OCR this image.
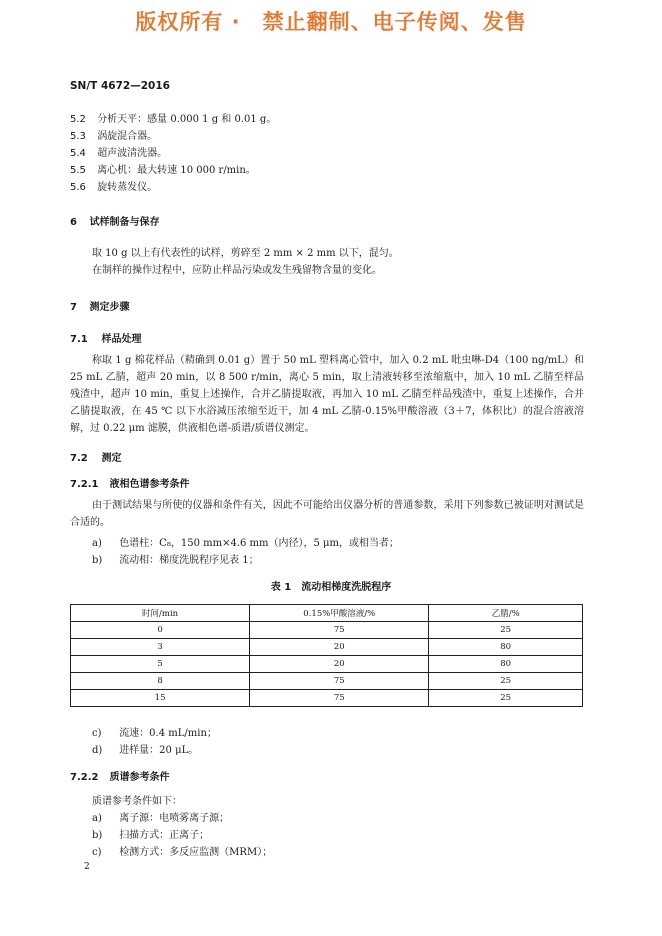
版权所有 ·　禁止翻制、电子传阅、发售
SN/T 4672—2016
5.2 分析天平：感量 0.000 1 g 和 0.01 g。
5.3 涡旋混合器。
5.4 超声波清洗器。
5.5 离心机：最大转速 10 000 r/min。
5.6 旋转蒸发仪。
6 试样制备与保存
取 10 g 以上有代表性的试样，剪碎至 2 mm × 2 mm 以下，混匀。
在制样的操作过程中，应防止样品污染或发生残留物含量的变化。
7 测定步骤
7.1 样品处理
称取 1 g 棉花样品（精确到 0.01 g）置于 50 mL 塑料离心管中，加入 0.2 mL 吡虫啉-D4（100 ng/mL）和 25 mL 乙腈，超声 20 min，以 8 500 r/min，离心 5 min，取上清液转移至浓缩瓶中，加入 10 mL 乙腈至样品残渣中，超声 10 min，重复上述操作，合并乙腈提取液，再加入 10 mL 乙腈至样品残渣中，重复上述操作，合并乙腈提取液，在 45 ℃ 以下水浴减压浓缩至近干，加 4 mL 乙腈-0.15%甲酸溶液（3＋7，体积比）的混合溶液溶解，过 0.22 μm 滤膜，供液相色谱-质谱/质谱仪测定。
7.2 测定
7.2.1 液相色谱参考条件
由于测试结果与所使的仪器和条件有关，因此不可能给出仪器分析的普通参数，采用下列参数已被证明对测试是合适的。
a) 色谱柱：C₈，150 mm×4.6 mm（内径），5 μm，或相当者；
b) 流动相：梯度洗脱程序见表 1；
表 1　流动相梯度洗脱程序
时间/min	0.15%甲酸溶液/%	乙腈/%
0	75	25
3	20	80
5	20	80
8	75	25
15	75	25
c) 流速：0.4 mL/min；
d) 进样量：20 μL。
7.2.2 质谱参考条件
质谱参考条件如下：
a) 离子源：电喷雾离子源；
b) 扫描方式：正离子；
c) 检测方式：多反应监测（MRM）；
2
